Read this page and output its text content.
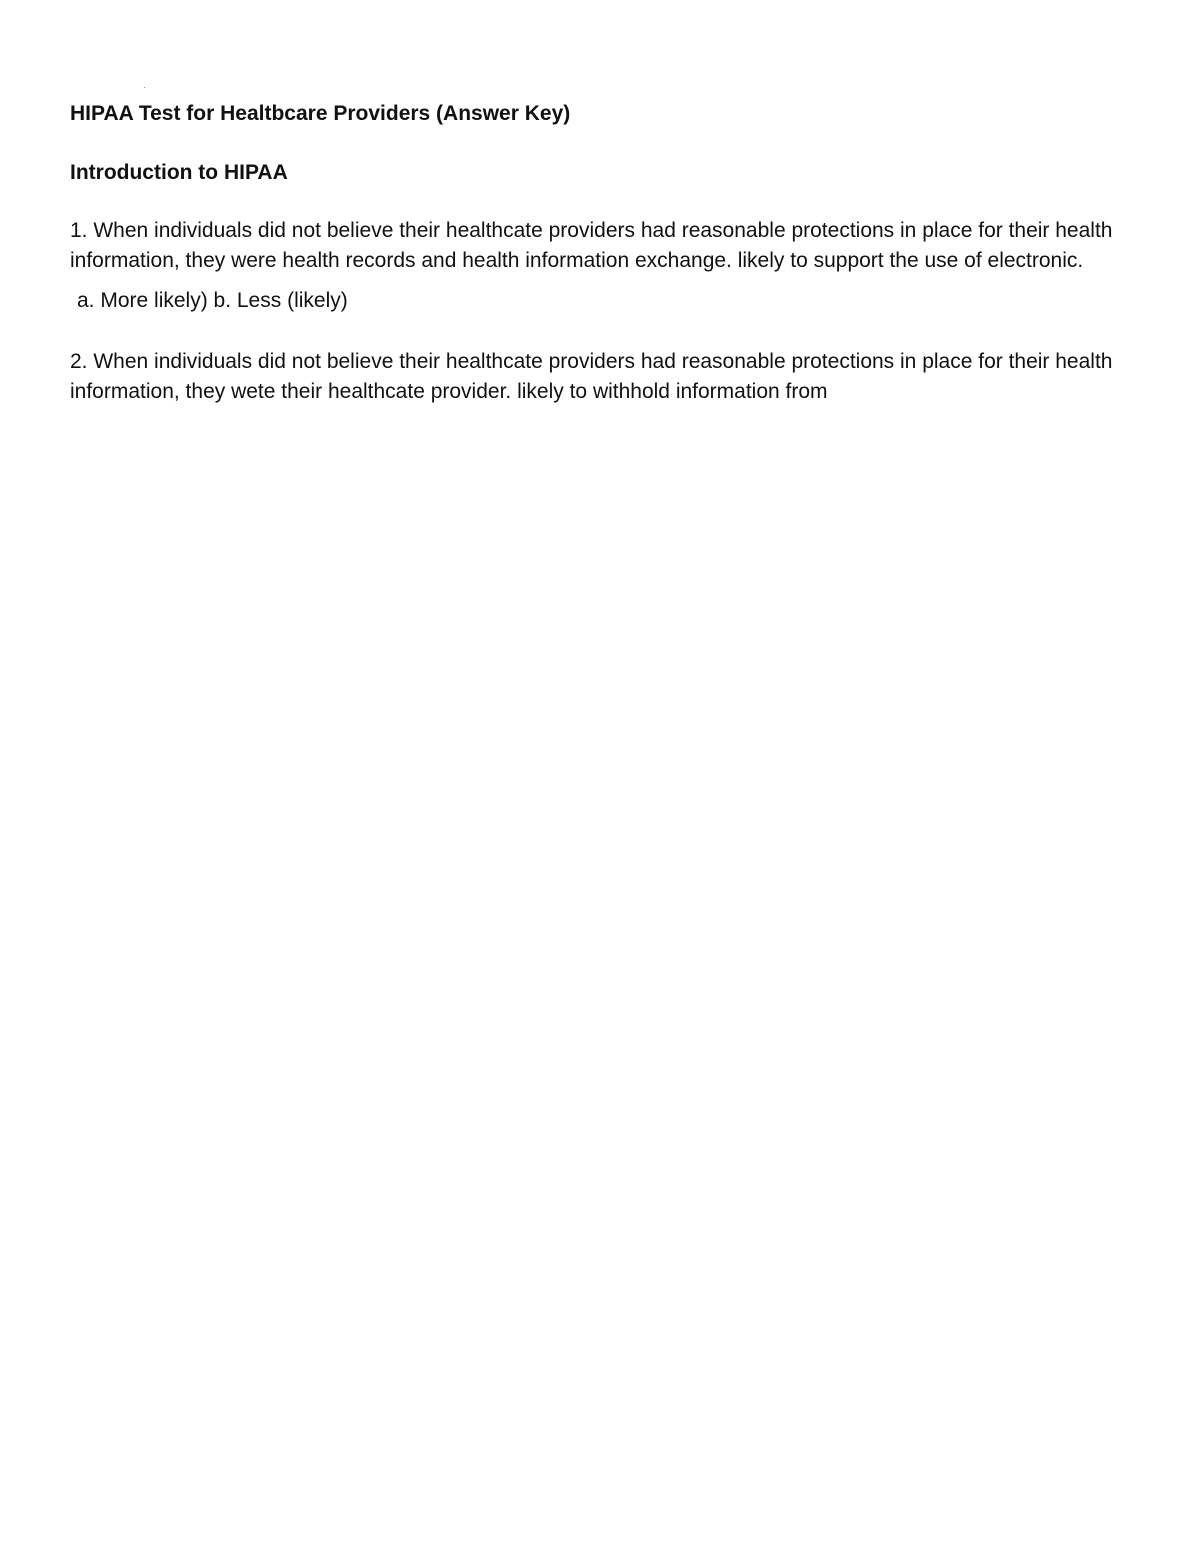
·
HIPAA Test for Healtbcare Providers (Answer Key)
Introduction to HIPAA

1. When individuals did not believe their healthcate providers had reasonable protections in place for their health information, they were health records and health information exchange. likely to support the use of electronic.

a. More likely) b. Less (likely)

2. When individuals did not believe their healthcate providers had reasonable protections in place for their health information, they wete their healthcate provider. likely to withhold information from
